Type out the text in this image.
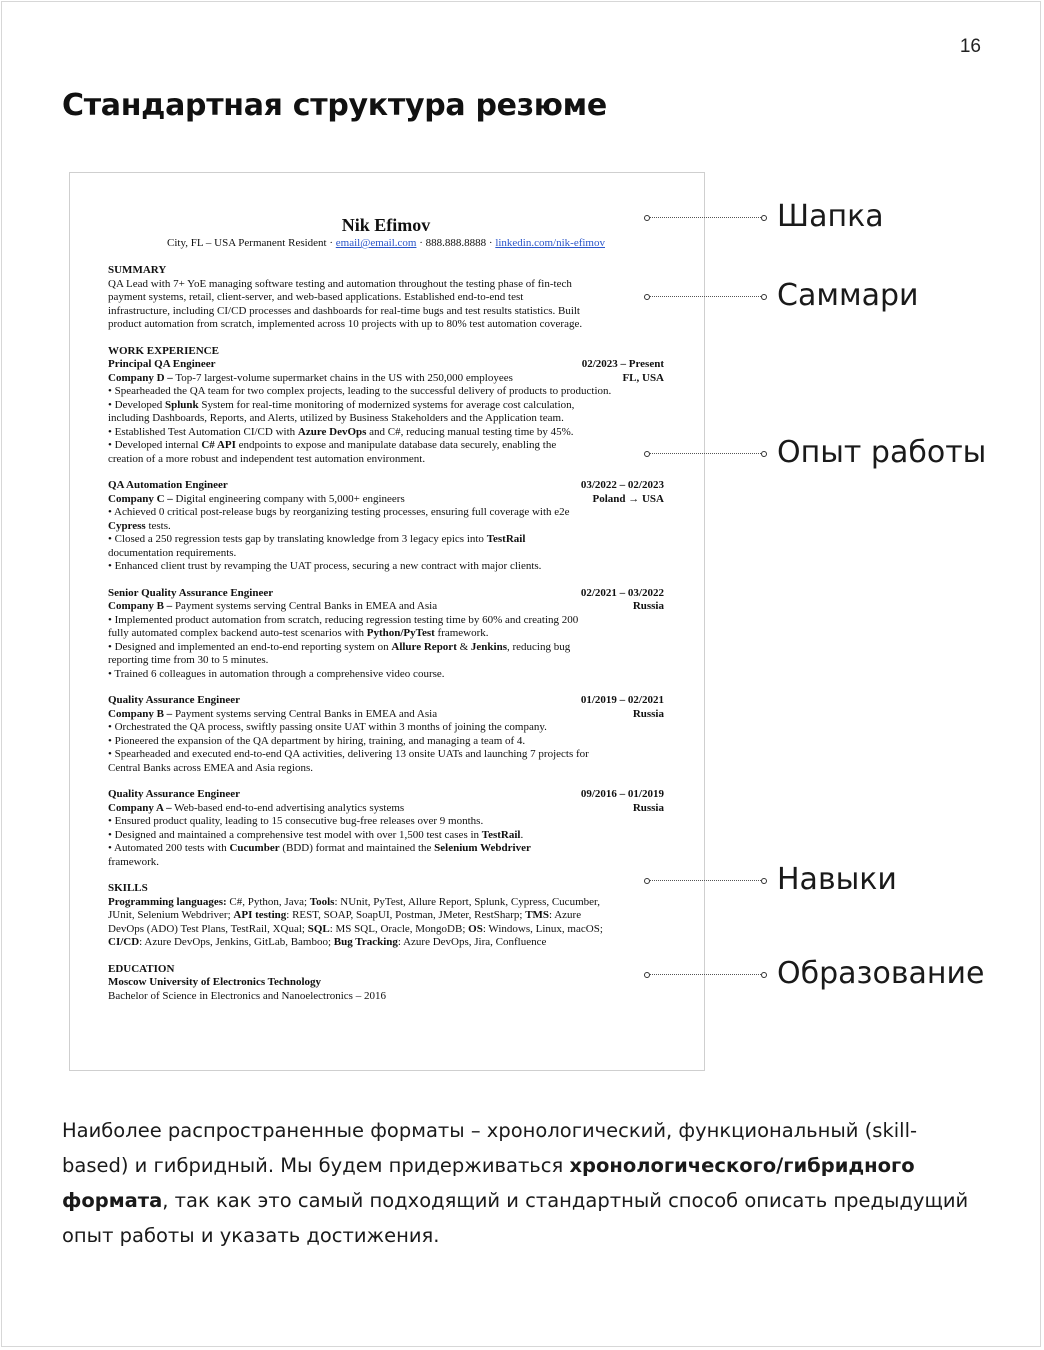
16
Стандартная структура резюме
Nik Efimov
City, FL – USA Permanent Resident · email@email.com · 888.888.8888 · linkedin.com/nik-efimov
SUMMARY
QA Lead with 7+ YoE managing software testing and automation throughout the testing phase of fin-tech
payment systems, retail, client-server, and web-based applications. Established end-to-end test
infrastructure, including CI/CD processes and dashboards for real-time bugs and test results statistics. Built
product automation from scratch, implemented across 10 projects with up to 80% test automation coverage.
WORK EXPERIENCE
Principal QA Engineer	02/2023 – Present
Company D – Top-7 largest-volume supermarket chains in the US with 250,000 employees	FL, USA
• Spearheaded the QA team for two complex projects, leading to the successful delivery of products to production.
• Developed Splunk System for real-time monitoring of modernized systems for average cost calculation,
including Dashboards, Reports, and Alerts, utilized by Business Stakeholders and the Application team.
• Established Test Automation CI/CD with Azure DevOps and C#, reducing manual testing time by 45%.
• Developed internal C# API endpoints to expose and manipulate database data securely, enabling the
creation of a more robust and independent test automation environment.
QA Automation Engineer	03/2022 – 02/2023
Company C – Digital engineering company with 5,000+ engineers	Poland → USA
• Achieved 0 critical post-release bugs by reorganizing testing processes, ensuring full coverage with e2e
Cypress tests.
• Closed a 250 regression tests gap by translating knowledge from 3 legacy epics into TestRail
documentation requirements.
• Enhanced client trust by revamping the UAT process, securing a new contract with major clients.
Senior Quality Assurance Engineer	02/2021 – 03/2022
Company B – Payment systems serving Central Banks in EMEA and Asia	Russia
• Implemented product automation from scratch, reducing regression testing time by 60% and creating 200
fully automated complex backend auto-test scenarios with Python/PyTest framework.
• Designed and implemented an end-to-end reporting system on Allure Report & Jenkins, reducing bug
reporting time from 30 to 5 minutes.
• Trained 6 colleagues in automation through a comprehensive video course.
Quality Assurance Engineer	01/2019 – 02/2021
Company B – Payment systems serving Central Banks in EMEA and Asia	Russia
• Orchestrated the QA process, swiftly passing onsite UAT within 3 months of joining the company.
• Pioneered the expansion of the QA department by hiring, training, and managing a team of 4.
• Spearheaded and executed end-to-end QA activities, delivering 13 onsite UATs and launching 7 projects for
Central Banks across EMEA and Asia regions.
Quality Assurance Engineer	09/2016 – 01/2019
Company A – Web-based end-to-end advertising analytics systems	Russia
• Ensured product quality, leading to 15 consecutive bug-free releases over 9 months.
• Designed and maintained a comprehensive test model with over 1,500 test cases in TestRail.
• Automated 200 tests with Cucumber (BDD) format and maintained the Selenium Webdriver
framework.
SKILLS
Programming languages: C#, Python, Java; Tools: NUnit, PyTest, Allure Report, Splunk, Cypress, Cucumber,
JUnit, Selenium Webdriver; API testing: REST, SOAP, SoapUI, Postman, JMeter, RestSharp; TMS: Azure
DevOps (ADO) Test Plans, TestRail, XQual; SQL: MS SQL, Oracle, MongoDB; OS: Windows, Linux, macOS;
CI/CD: Azure DevOps, Jenkins, GitLab, Bamboo; Bug Tracking: Azure DevOps, Jira, Confluence
EDUCATION
Moscow University of Electronics Technology
Bachelor of Science in Electronics and Nanoelectronics – 2016
Шапка
Саммари
Опыт работы
Навыки
Образование
Наиболее распространенные форматы – хронологический, функциональный (skill-based) и гибридный. Мы будем придерживаться хронологического/гибридного формата, так как это самый подходящий и стандартный способ описать предыдущий опыт работы и указать достижения.
